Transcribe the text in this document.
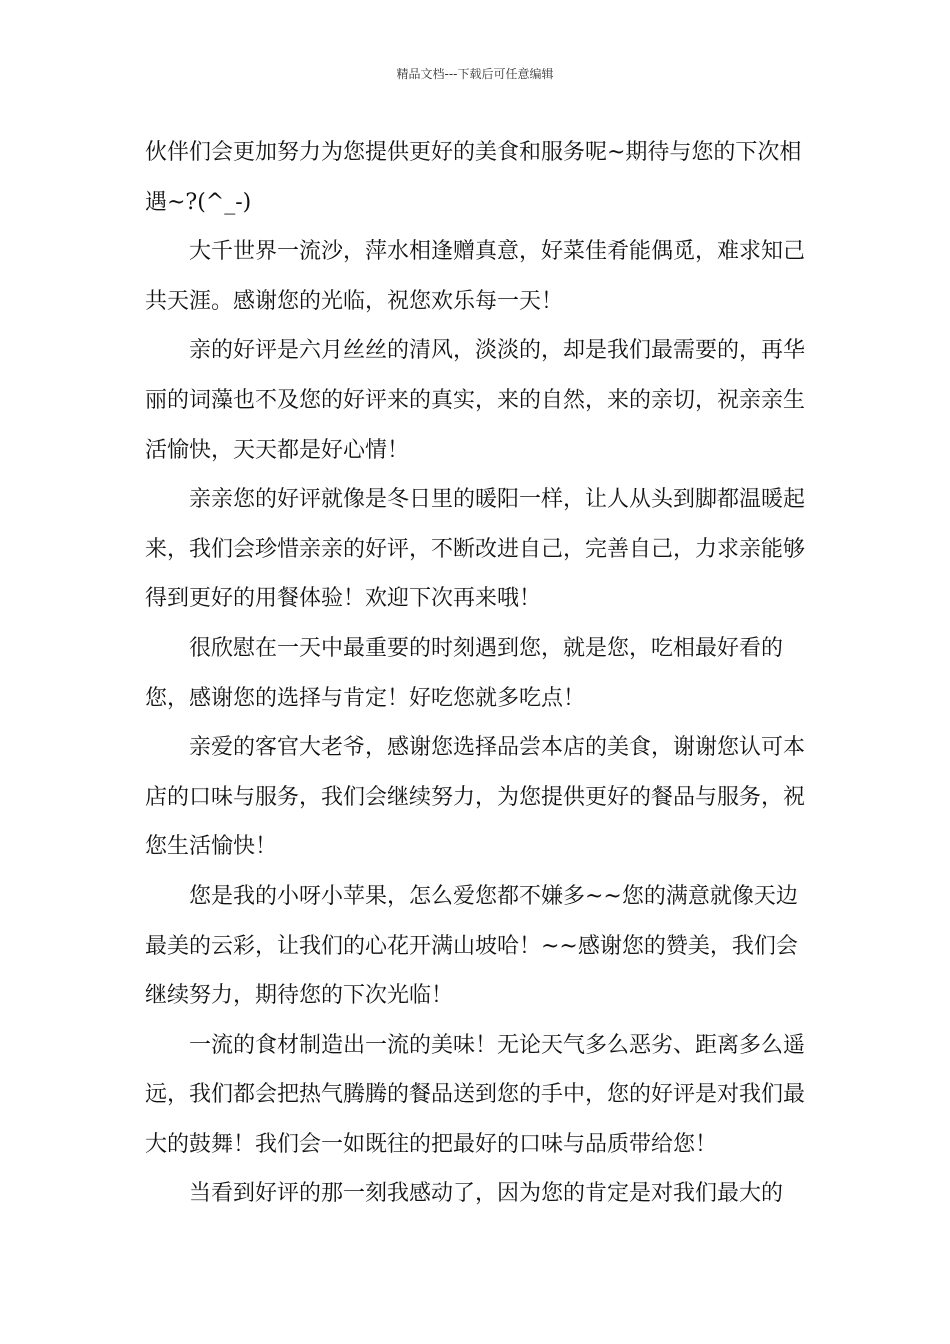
精品文档---下载后可任意编辑

伙伴们会更加努力为您提供更好的美食和服务呢~期待与您的下次相遇~?(^_-)

大千世界一流沙，萍水相逢赠真意，好菜佳肴能偶觅，难求知己共天涯。感谢您的光临，祝您欢乐每一天！

亲的好评是六月丝丝的清风，淡淡的，却是我们最需要的，再华丽的词藻也不及您的好评来的真实，来的自然，来的亲切，祝亲亲生活愉快，天天都是好心情！

亲亲您的好评就像是冬日里的暖阳一样，让人从头到脚都温暖起来，我们会珍惜亲亲的好评，不断改进自己，完善自己，力求亲能够得到更好的用餐体验！欢迎下次再来哦！

很欣慰在一天中最重要的时刻遇到您，就是您，吃相最好看的您，感谢您的选择与肯定！好吃您就多吃点！

亲爱的客官大老爷，感谢您选择品尝本店的美食，谢谢您认可本店的口味与服务，我们会继续努力，为您提供更好的餐品与服务，祝您生活愉快！

您是我的小呀小苹果，怎么爱您都不嫌多~~您的满意就像天边最美的云彩，让我们的心花开满山坡哈！~~感谢您的赞美，我们会继续努力，期待您的下次光临！

一流的食材制造出一流的美味！无论天气多么恶劣、距离多么遥远，我们都会把热气腾腾的餐品送到您的手中，您的好评是对我们最大的鼓舞！我们会一如既往的把最好的口味与品质带给您！

当看到好评的那一刻我感动了，因为您的肯定是对我们最大的
